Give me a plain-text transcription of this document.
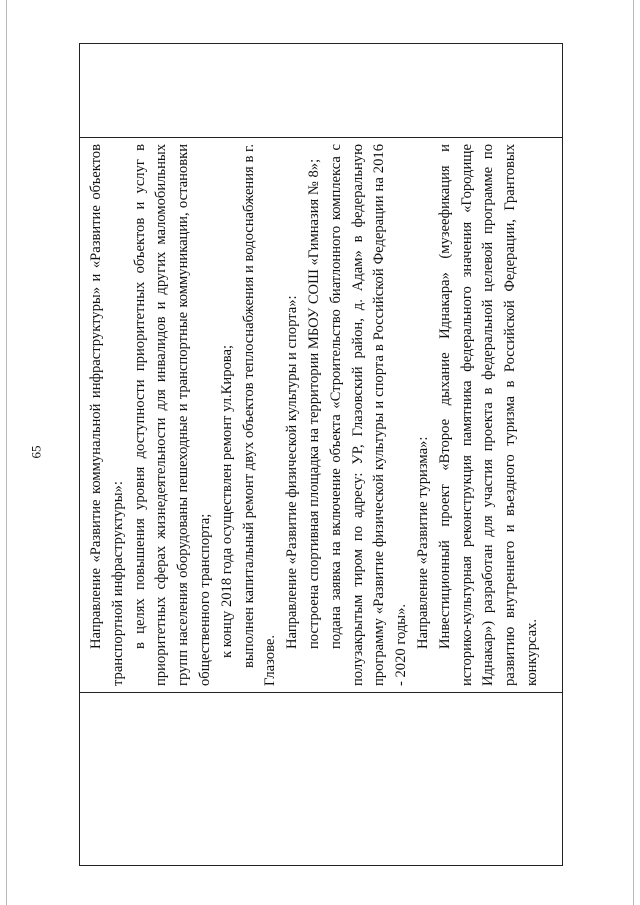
65
		Направление «Развитие коммунальной инфраструктуры» и «Развитие объектов транспортной инфраструктуры»: в целях повышения уровня доступности приоритетных объектов и услуг в приоритетных сферах жизнедеятельности для инвалидов и других маломобильных групп населения оборудованы пешеходные и транспортные коммуникации, остановки общественного транспорта; к концу 2018 года осуществлен ремонт ул.Кирова; выполнен капитальный ремонт двух объектов теплоснабжения и водоснабжения в г. Глазове.

Направление «Развитие физической культуры и спорта»: построена спортивная площадка на территории МБОУ СОШ «Гимназия № 8»; подана заявка на включение объекта «Строительство биатлонного комплекса с полузакрытым тиром по адресу: УР, Глазовский район, д. Адам» в федеральную программу «Развитие физической культуры и спорта в Российской Федерации на 2016 - 2020 годы». Направление «Развитие туризма»: Инвестиционный проект «Второе дыхание Иднакара» (музеефикация и историко-культурная реконструкция памятника федерального значения «Городище Иднакар») разработан для участия проекта в федеральной целевой программе по развитию внутреннего и въездного туризма в Российской Федерации, Грантовых конкурсах.
